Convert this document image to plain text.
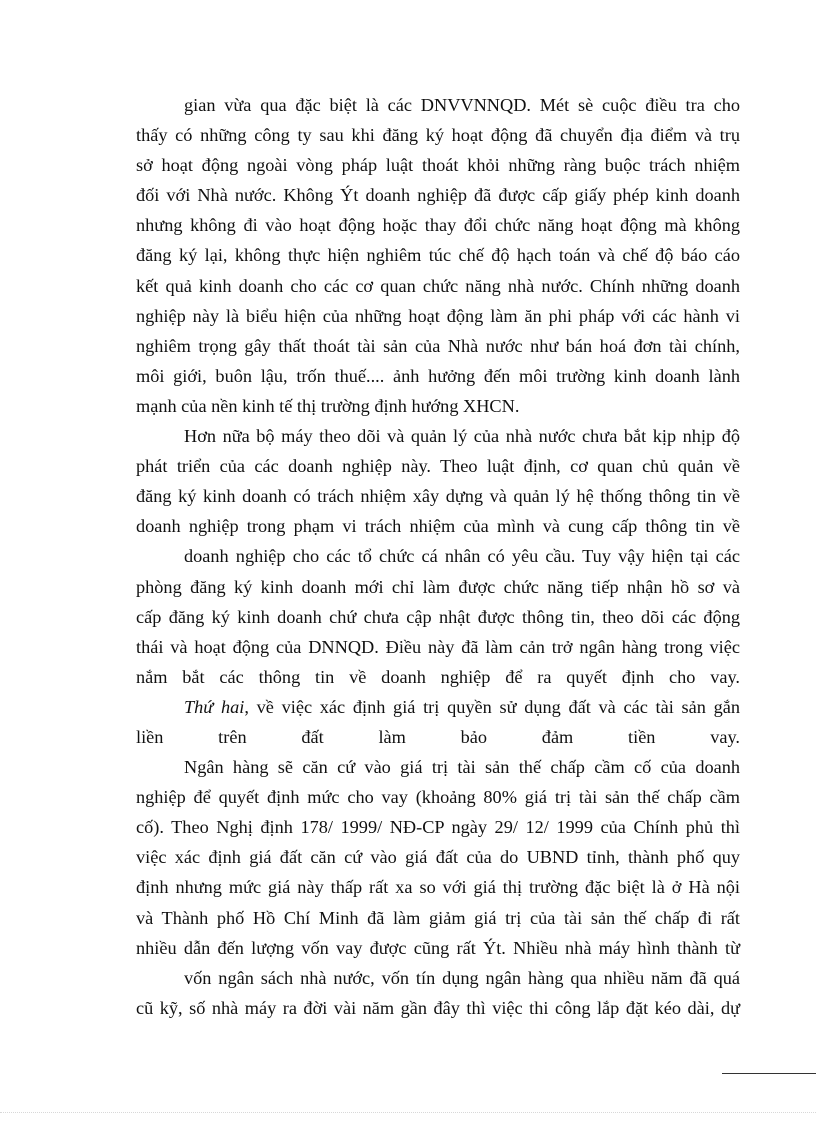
gian vừa qua đặc biệt là các DNVVNNQD. Mét sè cuộc điều tra cho
thấy có những công ty sau khi đăng ký hoạt động đã chuyển địa điểm và trụ
sở hoạt động ngoài vòng pháp luật thoát khỏi những ràng buộc trách nhiệm
đối với Nhà nước. Không Ýt doanh nghiệp đã được cấp giấy phép kinh doanh
nhưng không đi vào hoạt động hoặc thay đổi chức năng hoạt động mà không
đăng ký lại, không thực hiện nghiêm túc chế độ hạch toán và chế độ báo cáo
kết quả kinh doanh cho các cơ quan chức năng nhà nước. Chính những doanh
nghiệp này là biểu hiện của những hoạt động làm ăn phi pháp với các hành vi
nghiêm trọng gây thất thoát tài sản của Nhà nước như bán hoá đơn tài chính,
môi giới, buôn lậu, trốn thuế.... ảnh hưởng đến môi trường kinh doanh lành
mạnh của nền kinh tế thị trường định hướng XHCN.
Hơn nữa bộ máy theo dõi và quản lý của nhà nước chưa bắt kịp nhịp độ
phát triển của các doanh nghiệp này. Theo luật định, cơ quan chủ quản về
đăng ký kinh doanh có trách nhiệm xây dựng và quản lý hệ thống thông tin về
doanh nghiệp trong phạm vi trách nhiệm của mình và cung cấp thông tin về
doanh nghiệp cho các tổ chức cá nhân có yêu cầu. Tuy vậy hiện tại các
phòng đăng ký kinh doanh mới chỉ làm được chức năng tiếp nhận hồ sơ và
cấp đăng ký kinh doanh chứ chưa cập nhật được thông tin, theo dõi các động
thái và hoạt động của DNNQD. Điều này đã làm cản trở ngân hàng trong việc
nắm bắt các thông tin về doanh nghiệp để ra quyết định cho vay.
Thứ hai, về việc xác định giá trị quyền sử dụng đất và các tài sản gắn
liền trên đất làm bảo đảm tiền vay.
Ngân hàng sẽ căn cứ vào giá trị tài sản thế chấp cầm cố của doanh
nghiệp để quyết định mức cho vay (khoảng 80% giá trị tài sản thế chấp cầm
cố). Theo Nghị định 178/ 1999/ NĐ-CP ngày 29/ 12/ 1999 của Chính phủ thì
việc xác định giá đất căn cứ vào giá đất của do UBND tỉnh, thành phố quy
định nhưng mức giá này thấp rất xa so với giá thị trường đặc biệt là ở Hà nội
và Thành phố Hồ Chí Minh đã làm giảm giá trị của tài sản thế chấp đi rất
nhiều dẫn đến lượng vốn vay được cũng rất Ýt. Nhiều nhà máy hình thành từ
vốn ngân sách nhà nước, vốn tín dụng ngân hàng qua nhiều năm đã quá
cũ kỹ, số nhà máy ra đời vài năm gần đây thì việc thi công lắp đặt kéo dài, dự
